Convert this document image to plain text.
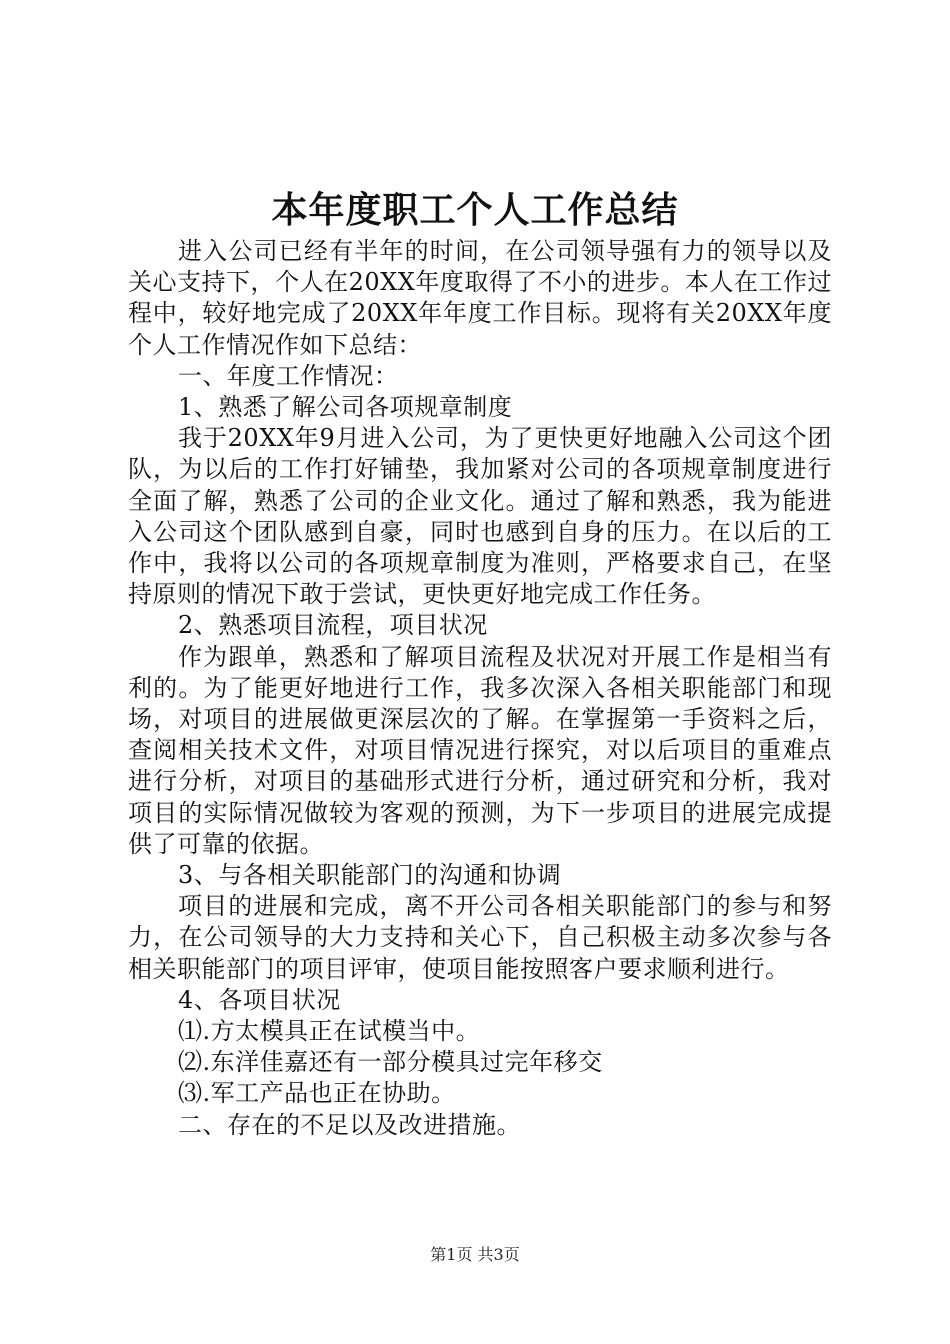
本年度职工个人工作总结

进入公司已经有半年的时间，在公司领导强有力的领导以及关心支持下，个人在20XX年度取得了不小的进步。本人在工作过程中，较好地完成了20XX年年度工作目标。现将有关20XX年度个人工作情况作如下总结：

一、年度工作情况：

1、熟悉了解公司各项规章制度

我于20XX年9月进入公司，为了更快更好地融入公司这个团队，为以后的工作打好铺垫，我加紧对公司的各项规章制度进行全面了解，熟悉了公司的企业文化。通过了解和熟悉，我为能进入公司这个团队感到自豪，同时也感到自身的压力。在以后的工作中，我将以公司的各项规章制度为准则，严格要求自己，在坚持原则的情况下敢于尝试，更快更好地完成工作任务。

2、熟悉项目流程，项目状况

作为跟单，熟悉和了解项目流程及状况对开展工作是相当有利的。为了能更好地进行工作，我多次深入各相关职能部门和现场，对项目的进展做更深层次的了解。在掌握第一手资料之后，查阅相关技术文件，对项目情况进行探究，对以后项目的重难点进行分析，对项目的基础形式进行分析，通过研究和分析，我对项目的实际情况做较为客观的预测，为下一步项目的进展完成提供了可靠的依据。

3、与各相关职能部门的沟通和协调

项目的进展和完成，离不开公司各相关职能部门的参与和努力，在公司领导的大力支持和关心下，自己积极主动多次参与各相关职能部门的项目评审，使项目能按照客户要求顺利进行。

4、各项目状况

⑴.方太模具正在试模当中。

⑵.东洋佳嘉还有一部分模具过完年移交

⑶.军工产品也正在协助。

二、存在的不足以及改进措施。

第1页 共3页
